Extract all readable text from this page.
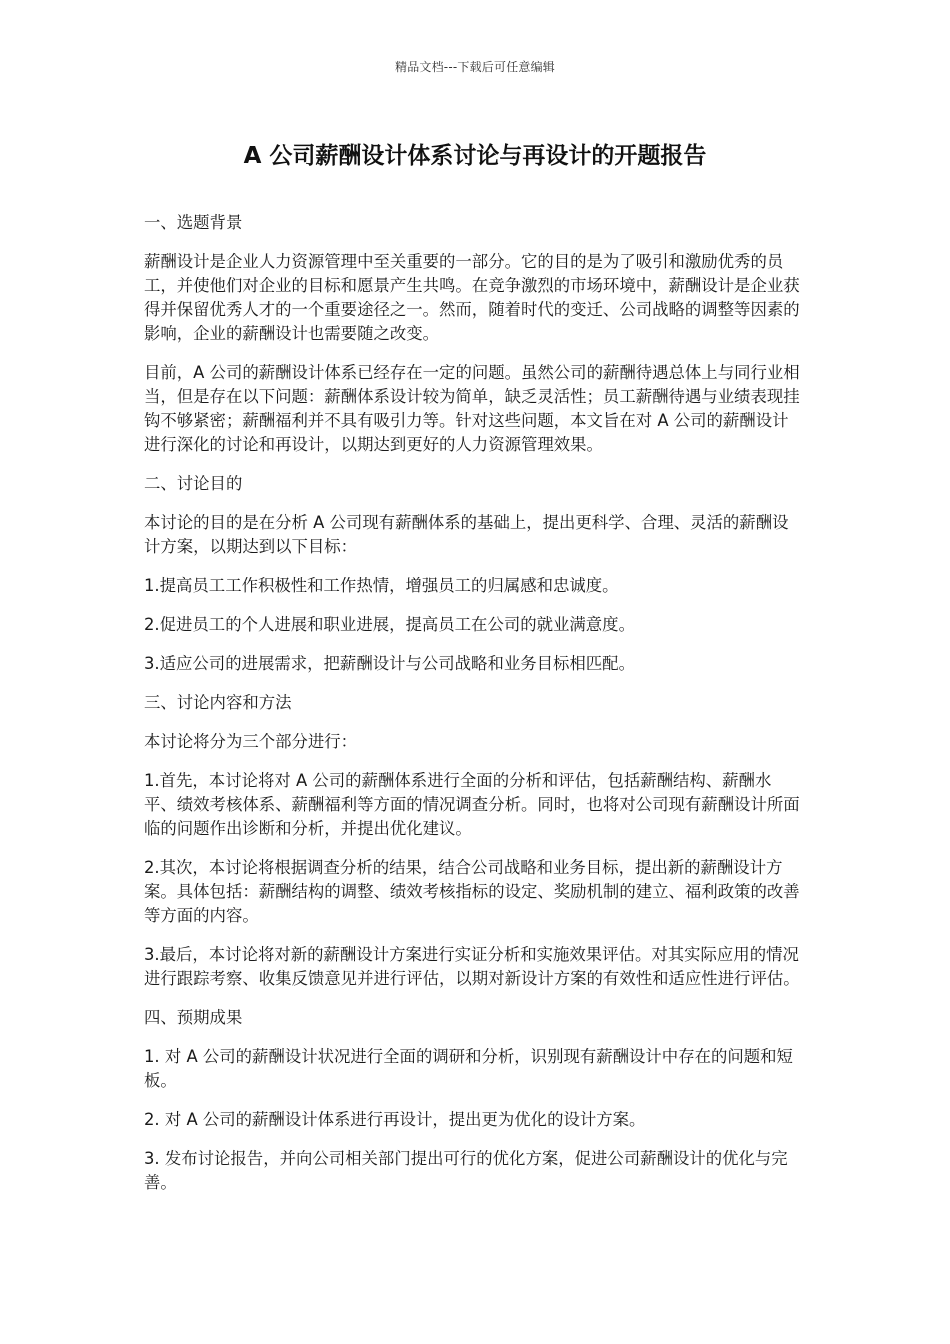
精品文档---下载后可任意编辑
A 公司薪酬设计体系讨论与再设计的开题报告

一、选题背景

薪酬设计是企业人力资源管理中至关重要的一部分。它的目的是为了吸引和激励优秀的员工，并使他们对企业的目标和愿景产生共鸣。在竞争激烈的市场环境中，薪酬设计是企业获得并保留优秀人才的一个重要途径之一。然而，随着时代的变迁、公司战略的调整等因素的影响，企业的薪酬设计也需要随之改变。

目前，A 公司的薪酬设计体系已经存在一定的问题。虽然公司的薪酬待遇总体上与同行业相当，但是存在以下问题：薪酬体系设计较为简单，缺乏灵活性；员工薪酬待遇与业绩表现挂钩不够紧密；薪酬福利并不具有吸引力等。针对这些问题，本文旨在对 A 公司的薪酬设计进行深化的讨论和再设计，以期达到更好的人力资源管理效果。

二、讨论目的

本讨论的目的是在分析 A 公司现有薪酬体系的基础上，提出更科学、合理、灵活的薪酬设计方案，以期达到以下目标：

1.提高员工工作积极性和工作热情，增强员工的归属感和忠诚度。

2.促进员工的个人进展和职业进展，提高员工在公司的就业满意度。

3.适应公司的进展需求，把薪酬设计与公司战略和业务目标相匹配。

三、讨论内容和方法

本讨论将分为三个部分进行：

1.首先，本讨论将对 A 公司的薪酬体系进行全面的分析和评估，包括薪酬结构、薪酬水平、绩效考核体系、薪酬福利等方面的情况调查分析。同时，也将对公司现有薪酬设计所面临的问题作出诊断和分析，并提出优化建议。

2.其次，本讨论将根据调查分析的结果，结合公司战略和业务目标，提出新的薪酬设计方案。具体包括：薪酬结构的调整、绩效考核指标的设定、奖励机制的建立、福利政策的改善等方面的内容。

3.最后，本讨论将对新的薪酬设计方案进行实证分析和实施效果评估。对其实际应用的情况进行跟踪考察、收集反馈意见并进行评估，以期对新设计方案的有效性和适应性进行评估。

四、预期成果

1. 对 A 公司的薪酬设计状况进行全面的调研和分析，识别现有薪酬设计中存在的问题和短板。

2. 对 A 公司的薪酬设计体系进行再设计，提出更为优化的设计方案。

3. 发布讨论报告，并向公司相关部门提出可行的优化方案，促进公司薪酬设计的优化与完善。
